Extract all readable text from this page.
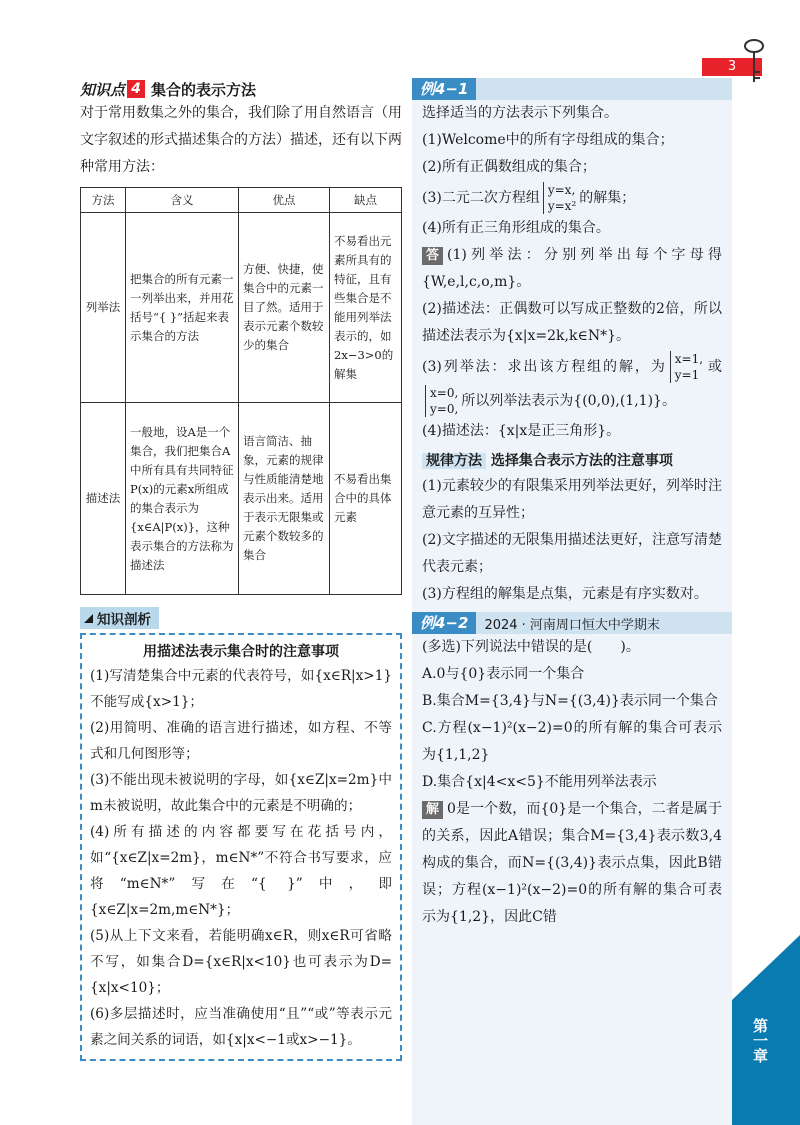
第一章
3
知识点 4 集合的表示方法
对于常用数集之外的集合，我们除了用自然语言（用文字叙述的形式描述集合的方法）描述，还有以下两种常用方法：
方法	含义	优点	缺点
列举法	把集合的所有元素一一列举出来，并用花括号“{ }”括起来表示集合的方法	方便、快捷，使集合中的元素一目了然。适用于表示元素个数较少的集合	不易看出元素所具有的特征，且有些集合是不能用列举法表示的，如2x−3>0的解集
描述法	一般地，设A是一个集合，我们把集合A中所有具有共同特征P(x)的元素x所组成的集合表示为{x∈A|P(x)}，这种表示集合的方法称为描述法	语言简洁、抽象，元素的规律与性质能清楚地表示出来。适用于表示无限集或元素个数较多的集合	不易看出集合中的具体元素
知识剖析
用描述法表示集合时的注意事项
(1)写清楚集合中元素的代表符号，如{x∈R|x>1}不能写成{x>1}；
(2)用简明、准确的语言进行描述，如方程、不等式和几何图形等；
(3)不能出现未被说明的字母，如{x∈Z|x=2m}中m未被说明，故此集合中的元素是不明确的；
(4)所有描述的内容都要写在花括号内，如“{x∈Z|x=2m}，m∈N*”不符合书写要求，应将“m∈N*”写在“{ }”中，即{x∈Z|x=2m,m∈N*}；
(5)从上下文来看，若能明确x∈R，则x∈R可省略不写，如集合D={x∈R|x<10}也可表示为D={x|x<10}；
(6)多层描述时，应当准确使用“且”“或”等表示元素之间关系的词语，如{x|x<−1或x>−1}。
例4−1
选择适当的方法表示下列集合。
(1)Welcome中的所有字母组成的集合；
(2)所有正偶数组成的集合；
(3)二元二次方程组 y=x,
y=x² 的解集；
(4)所有正三角形组成的集合。
答 (1)列举法：分别列举出每个字母得{W,e,l,c,o,m}。
(2)描述法：正偶数可以写成正整数的2倍，所以描述法表示为{x|x=2k,k∈N*}。
(3)列举法：求出该方程组的解，为 x=1,
y=1 或x=0,
y=0, 所以列举法表示为{(0,0),(1,1)}。
(4)描述法：{x|x是正三角形}。
规律方法 选择集合表示方法的注意事项
(1)元素较少的有限集采用列举法更好，列举时注意元素的互异性；
(2)文字描述的无限集用描述法更好，注意写清楚代表元素；
(3)方程组的解集是点集，元素是有序实数对。
例4−2	2024 · 河南周口恒大中学期末
(多选)下列说法中错误的是(　　)。
A.0与{0}表示同一个集合
B.集合M={3,4}与N={(3,4)}表示同一个集合
C.方程(x−1)²(x−2)=0的所有解的集合可表示为{1,1,2}
D.集合{x|4<x<5}不能用列举法表示
解 0是一个数，而{0}是一个集合，二者是属于的关系，因此A错误；集合M={3,4}表示数3,4构成的集合，而N={(3,4)}表示点集，因此B错误；方程(x−1)²(x−2)=0的所有解的集合可表示为{1,2}，因此C错
